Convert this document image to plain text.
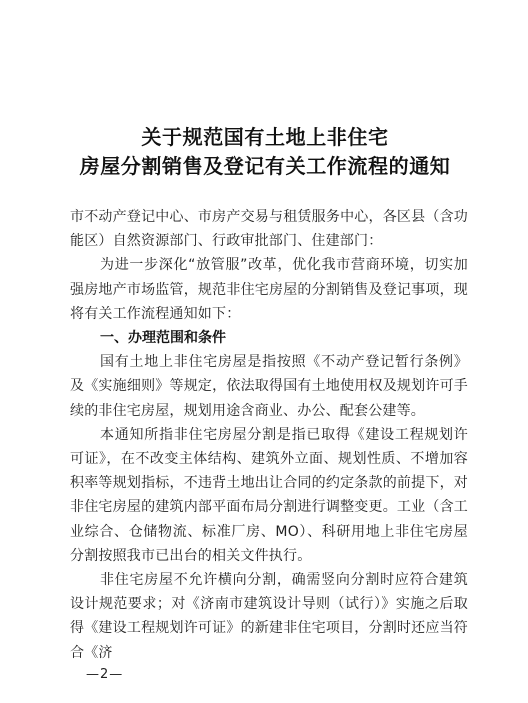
关于规范国有土地上非住宅
房屋分割销售及登记有关工作流程的通知

市不动产登记中心、市房产交易与租赁服务中心，各区县（含功能区）自然资源部门、行政审批部门、住建部门：

为进一步深化“放管服”改革，优化我市营商环境，切实加强房地产市场监管，规范非住宅房屋的分割销售及登记事项，现将有关工作流程通知如下：

一、办理范围和条件

国有土地上非住宅房屋是指按照《不动产登记暂行条例》及《实施细则》等规定，依法取得国有土地使用权及规划许可手续的非住宅房屋，规划用途含商业、办公、配套公建等。

本通知所指非住宅房屋分割是指已取得《建设工程规划许可证》，在不改变主体结构、建筑外立面、规划性质、不增加容积率等规划指标，不违背土地出让合同的约定条款的前提下，对非住宅房屋的建筑内部平面布局分割进行调整变更。工业（含工业综合、仓储物流、标准厂房、MO）、科研用地上非住宅房屋分割按照我市已出台的相关文件执行。

非住宅房屋不允许横向分割，确需竖向分割时应符合建筑设计规范要求；对《济南市建筑设计导则（试行）》实施之后取得《建设工程规划许可证》的新建非住宅项目，分割时还应当符合《济

—2—
